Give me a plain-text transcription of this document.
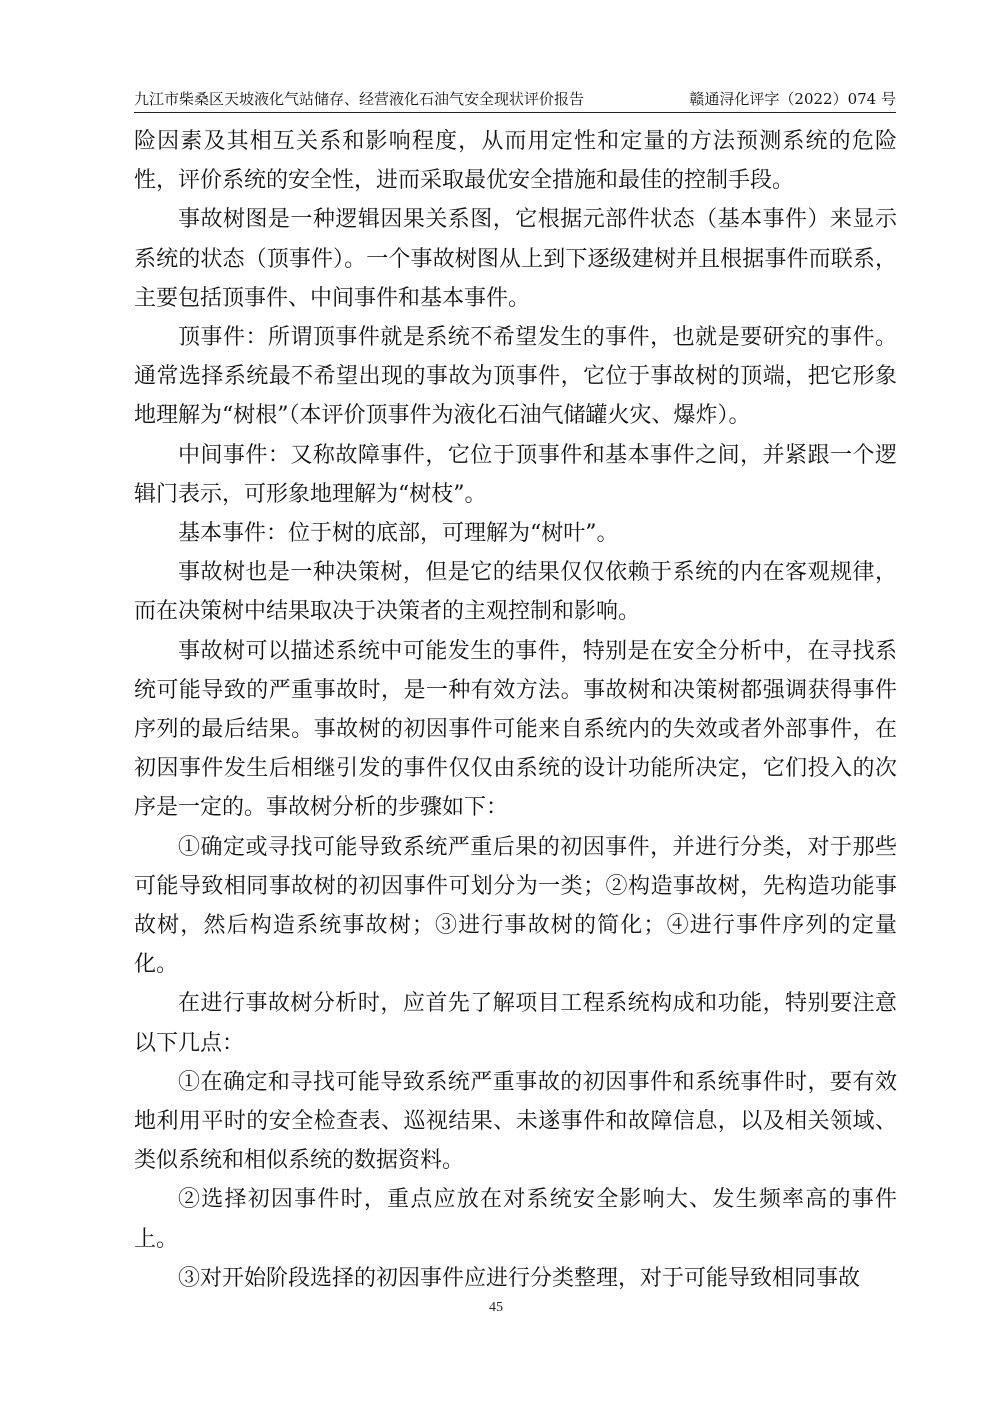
九江市柴桑区天坡液化气站储存、经营液化石油气安全现状评价报告	赣通浔化评字（2022）074 号

险因素及其相互关系和影响程度，从而用定性和定量的方法预测系统的危险性，评价系统的安全性，进而采取最优安全措施和最佳的控制手段。

事故树图是一种逻辑因果关系图，它根据元部件状态（基本事件）来显示系统的状态（顶事件）。一个事故树图从上到下逐级建树并且根据事件而联系，主要包括顶事件、中间事件和基本事件。

顶事件：所谓顶事件就是系统不希望发生的事件，也就是要研究的事件。通常选择系统最不希望出现的事故为顶事件，它位于事故树的顶端，把它形象地理解为“树根”（本评价顶事件为液化石油气储罐火灾、爆炸）。

中间事件：又称故障事件，它位于顶事件和基本事件之间，并紧跟一个逻辑门表示，可形象地理解为“树枝”。

基本事件：位于树的底部，可理解为“树叶”。

事故树也是一种决策树，但是它的结果仅仅依赖于系统的内在客观规律，而在决策树中结果取决于决策者的主观控制和影响。

事故树可以描述系统中可能发生的事件，特别是在安全分析中，在寻找系统可能导致的严重事故时，是一种有效方法。事故树和决策树都强调获得事件序列的最后结果。事故树的初因事件可能来自系统内的失效或者外部事件，在初因事件发生后相继引发的事件仅仅由系统的设计功能所决定，它们投入的次序是一定的。事故树分析的步骤如下：

①确定或寻找可能导致系统严重后果的初因事件，并进行分类，对于那些可能导致相同事故树的初因事件可划分为一类；②构造事故树，先构造功能事故树，然后构造系统事故树；③进行事故树的简化；④进行事件序列的定量化。

在进行事故树分析时，应首先了解项目工程系统构成和功能，特别要注意以下几点：

①在确定和寻找可能导致系统严重事故的初因事件和系统事件时，要有效地利用平时的安全检查表、巡视结果、未遂事件和故障信息，以及相关领域、类似系统和相似系统的数据资料。

②选择初因事件时，重点应放在对系统安全影响大、发生频率高的事件上。

③对开始阶段选择的初因事件应进行分类整理，对于可能导致相同事故

45
